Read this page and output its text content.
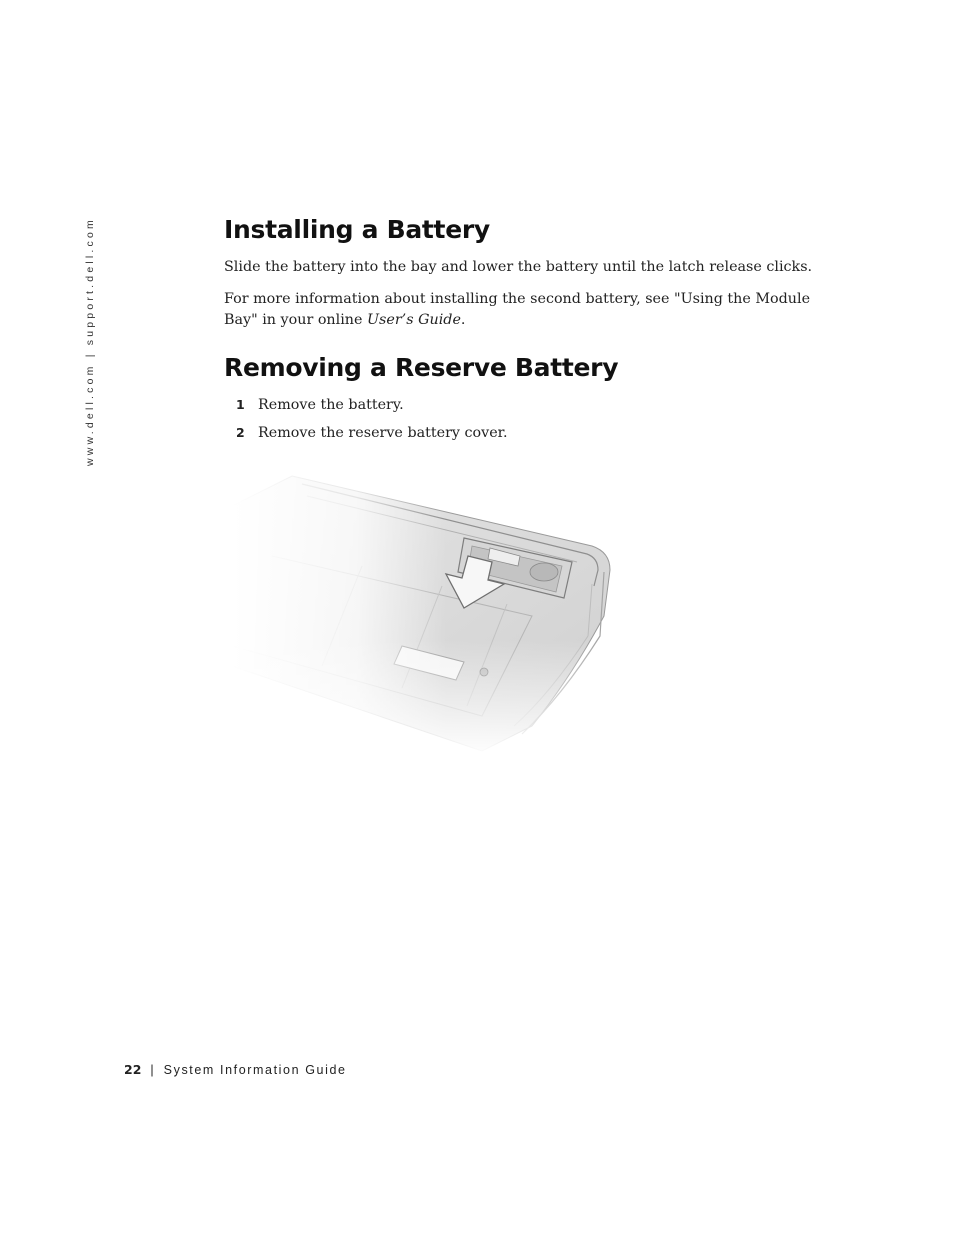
www.dell.com | support.dell.com	Installing a Battery

Slide the battery into the bay and lower the battery until the latch release clicks.

For more information about installing the second battery, see "Using the Module Bay" in your online User’s Guide.

Removing a Reserve Battery
1 Remove the battery.
2 Remove the reserve battery cover.
22 | System Information Guide
